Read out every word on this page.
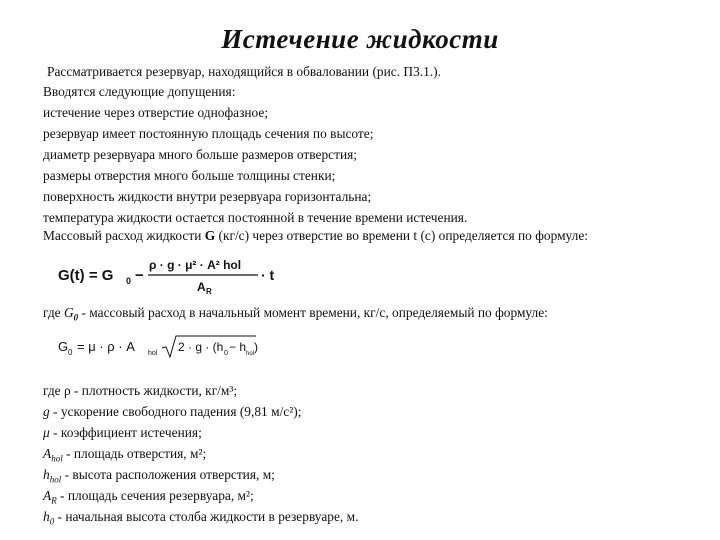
Истечение жидкости
Рассматривается резервуар, находящийся в обваловании (рис. П3.1.).
Вводятся следующие допущения:
истечение через отверстие однофазное;
резервуар имеет постоянную площадь сечения по высоте;
диаметр резервуара много больше размеров отверстия;
размеры отверстия много больше толщины стенки;
поверхность жидкости внутри резервуара горизонтальна;
температура жидкости остается постоянной в течение времени истечения.
Массовый расход жидкости G (кг/с) через отверстие во времени t (с) определяется по формуле:
G(t) = G 0 −
ρ · g · μ² · A² hol
A R
· t
где $G_0$ - массовый расход в начальный момент времени, кг/с, определяемый по формуле:
G 0 = μ · ρ · A hol 2 · g · (h 0 − h hol )
где ρ - плотность жидкости, кг/м³;
g - ускорение свободного падения (9,81 м/с²);
μ - коэффициент истечения;
$A_{hol}$ - площадь отверстия, м²;
$h_{hol}$ - высота расположения отверстия, м;
$A_R$ - площадь сечения резервуара, м²;
$h_0$ - начальная высота столба жидкости в резервуаре, м.
